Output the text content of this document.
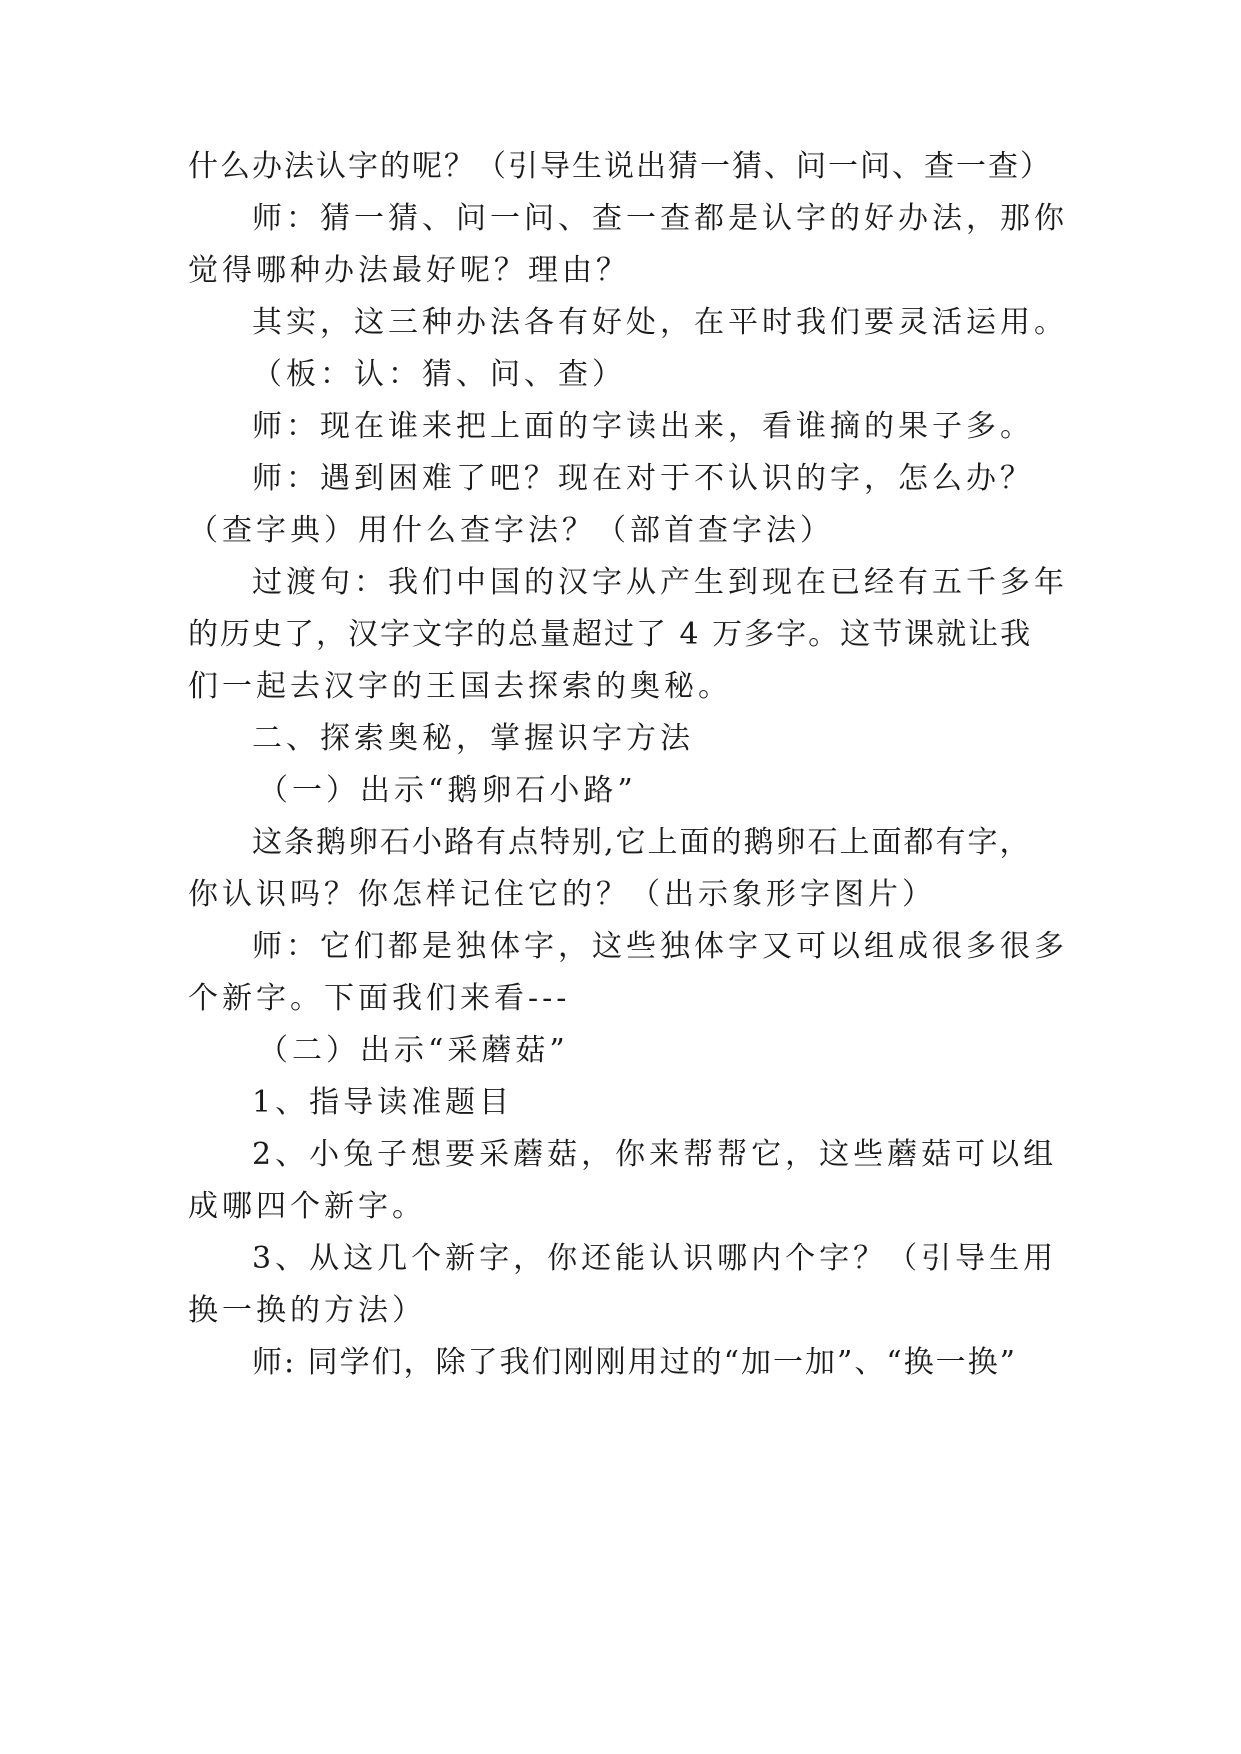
什么办法认字的呢？（引导生说出猜一猜、问一问、查一查）
师：猜一猜、问一问、查一查都是认字的好办法，那你
觉得哪种办法最好呢？理由？
其实，这三种办法各有好处，在平时我们要灵活运用。
（板：认：猜、问、查）
师：现在谁来把上面的字读出来，看谁摘的果子多。
师：遇到困难了吧？现在对于不认识的字，怎么办？
（查字典）用什么查字法？（部首查字法）
过渡句：我们中国的汉字从产生到现在已经有五千多年
的历史了，汉字文字的总量超过了 4 万多字。这节课就让我
们一起去汉字的王国去探索的奥秘。
二、探索奥秘，掌握识字方法
（一）出示“鹅卵石小路”
这条鹅卵石小路有点特别,它上面的鹅卵石上面都有字，
你认识吗？你怎样记住它的？（出示象形字图片）
师：它们都是独体字，这些独体字又可以组成很多很多
个新字。下面我们来看---
（二）出示“采蘑菇”
1、指导读准题目
2、小兔子想要采蘑菇，你来帮帮它，这些蘑菇可以组
成哪四个新字。
3、从这几个新字，你还能认识哪内个字？（引导生用
换一换的方法）
师: 同学们，除了我们刚刚用过的“加一加”、“换一换”
